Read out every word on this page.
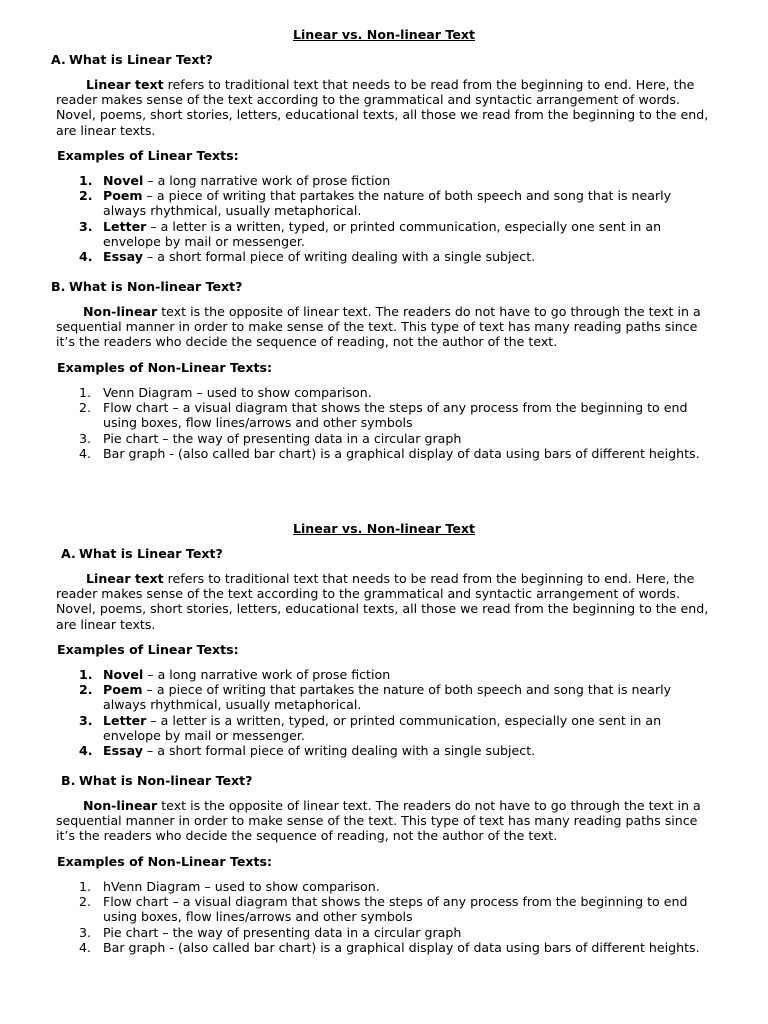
Linear vs. Non-linear Text
A. What is Linear Text?

Linear text refers to traditional text that needs to be read from the beginning to end. Here, the reader makes sense of the text according to the grammatical and syntactic arrangement of words. Novel, poems, short stories, letters, educational texts, all those we read from the beginning to the end, are linear texts.

Examples of Linear Texts:
1. Novel – a long narrative work of prose fiction
2. Poem – a piece of writing that partakes the nature of both speech and song that is nearly always rhythmical, usually metaphorical.
3. Letter – a letter is a written, typed, or printed communication, especially one sent in an envelope by mail or messenger.
4. Essay – a short formal piece of writing dealing with a single subject.
B. What is Non-linear Text?

Non-linear text is the opposite of linear text. The readers do not have to go through the text in a sequential manner in order to make sense of the text. This type of text has many reading paths since it’s the readers who decide the sequence of reading, not the author of the text.

Examples of Non-Linear Texts:
1. Venn Diagram – used to show comparison.
2. Flow chart – a visual diagram that shows the steps of any process from the beginning to end using boxes, flow lines/arrows and other symbols
3. Pie chart – the way of presenting data in a circular graph
4. Bar graph - (also called bar chart) is a graphical display of data using bars of different heights.
Linear vs. Non-linear Text
A. What is Linear Text?

Linear text refers to traditional text that needs to be read from the beginning to end. Here, the reader makes sense of the text according to the grammatical and syntactic arrangement of words. Novel, poems, short stories, letters, educational texts, all those we read from the beginning to the end, are linear texts.

Examples of Linear Texts:
1. Novel – a long narrative work of prose fiction
2. Poem – a piece of writing that partakes the nature of both speech and song that is nearly always rhythmical, usually metaphorical.
3. Letter – a letter is a written, typed, or printed communication, especially one sent in an envelope by mail or messenger.
4. Essay – a short formal piece of writing dealing with a single subject.
B. What is Non-linear Text?

Non-linear text is the opposite of linear text. The readers do not have to go through the text in a sequential manner in order to make sense of the text. This type of text has many reading paths since it’s the readers who decide the sequence of reading, not the author of the text.

Examples of Non-Linear Texts:
1. hVenn Diagram – used to show comparison.
2. Flow chart – a visual diagram that shows the steps of any process from the beginning to end using boxes, flow lines/arrows and other symbols
3. Pie chart – the way of presenting data in a circular graph
4. Bar graph - (also called bar chart) is a graphical display of data using bars of different heights.
